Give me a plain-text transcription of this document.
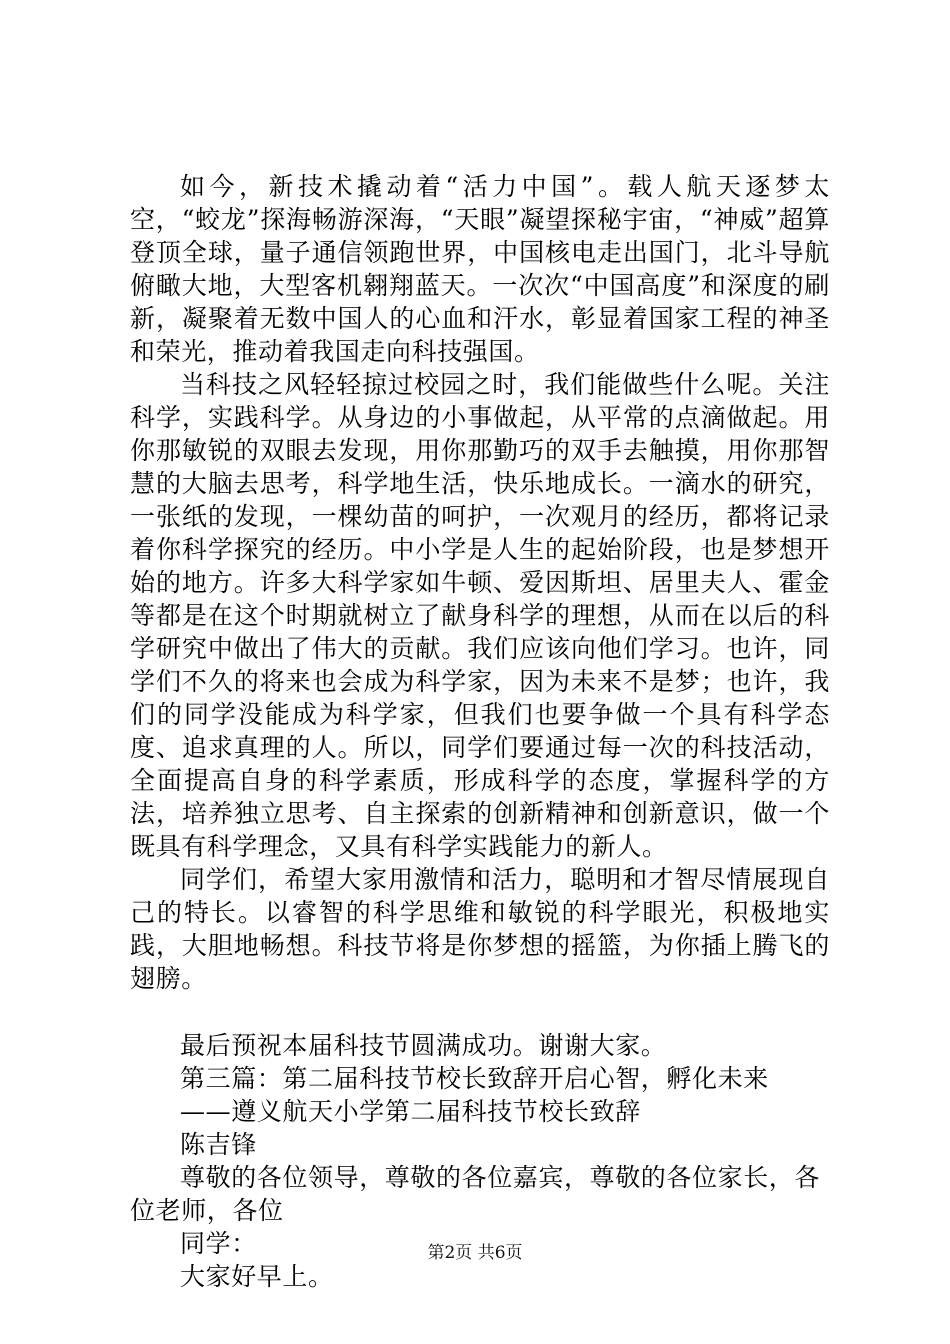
如今，新技术撬动着“活力中国”。载人航天逐梦太空，“蛟龙”探海畅游深海，“天眼”凝望探秘宇宙，“神威”超算登顶全球，量子通信领跑世界，中国核电走出国门，北斗导航俯瞰大地，大型客机翱翔蓝天。一次次“中国高度”和深度的刷新，凝聚着无数中国人的心血和汗水，彰显着国家工程的神圣和荣光，推动着我国走向科技强国。

当科技之风轻轻掠过校园之时，我们能做些什么呢。关注科学，实践科学。从身边的小事做起，从平常的点滴做起。用你那敏锐的双眼去发现，用你那勤巧的双手去触摸，用你那智慧的大脑去思考，科学地生活，快乐地成长。一滴水的研究，一张纸的发现，一棵幼苗的呵护，一次观月的经历，都将记录着你科学探究的经历。中小学是人生的起始阶段，也是梦想开始的地方。许多大科学家如牛顿、爱因斯坦、居里夫人、霍金等都是在这个时期就树立了献身科学的理想，从而在以后的科学研究中做出了伟大的贡献。我们应该向他们学习。也许，同学们不久的将来也会成为科学家，因为未来不是梦；也许，我们的同学没能成为科学家，但我们也要争做一个具有科学态度、追求真理的人。所以，同学们要通过每一次的科技活动，全面提高自身的科学素质，形成科学的态度，掌握科学的方法，培养独立思考、自主探索的创新精神和创新意识，做一个既具有科学理念，又具有科学实践能力的新人。

同学们，希望大家用激情和活力，聪明和才智尽情展现自己的特长。以睿智的科学思维和敏锐的科学眼光，积极地实践，大胆地畅想。科技节将是你梦想的摇篮，为你插上腾飞的翅膀。

最后预祝本届科技节圆满成功。谢谢大家。

第三篇：第二届科技节校长致辞开启心智，孵化未来

——遵义航天小学第二届科技节校长致辞

陈吉锋

尊敬的各位领导，尊敬的各位嘉宾，尊敬的各位家长，各位老师，各位

同学：

大家好早上。

第2页 共6页
